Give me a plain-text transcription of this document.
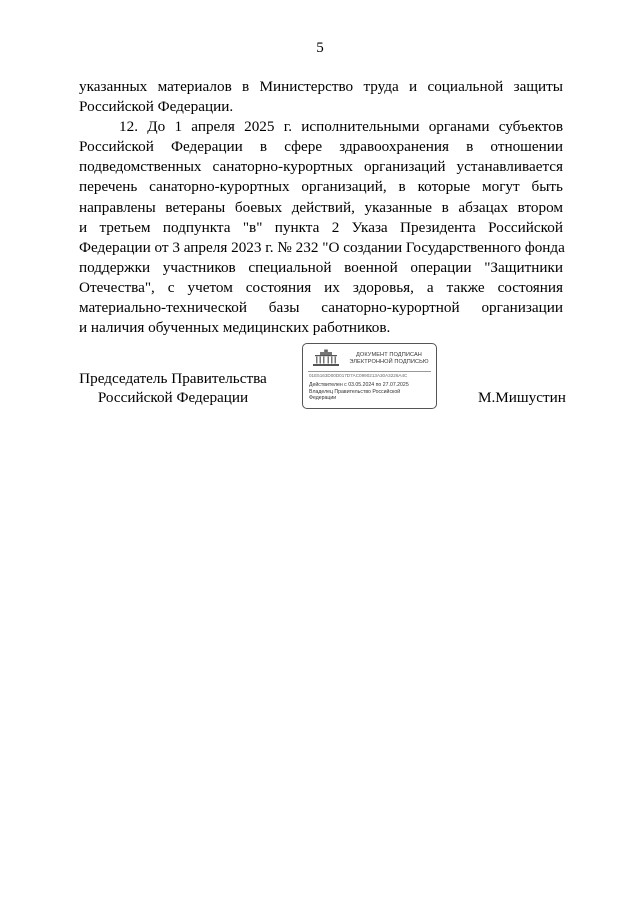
5
указанных материалов в Министерство труда и социальной защиты
Российской Федерации.
12. До 1 апреля 2025 г. исполнительными органами субъектов
Российской Федерации в сфере здравоохранения в отношении
подведомственных санаторно-курортных организаций устанавливается
перечень санаторно-курортных организаций, в которые могут быть
направлены ветераны боевых действий, указанные в абзацах втором
и третьем подпункта "в" пункта 2 Указа Президента Российской
Федерации от 3 апреля 2023 г. № 232 "О создании Государственного фонда
поддержки участников специальной военной операции "Защитники
Отечества", с учетом состояния их здоровья, а также состояния
материально-технической базы санаторно-курортной организации
и наличия обученных медицинских работников.
Председатель Правительства
Российской Федерации
ДОКУМЕНТ ПОДПИСАН
ЭЛЕКТРОННОЙ ПОДПИСЬЮ
01E5163D00D017D7AC0990213A30A3226A4C
Действителен с 03.05.2024 по 27.07.2025
Владелец Правительство Российской
Федерации	М.Мишустин
